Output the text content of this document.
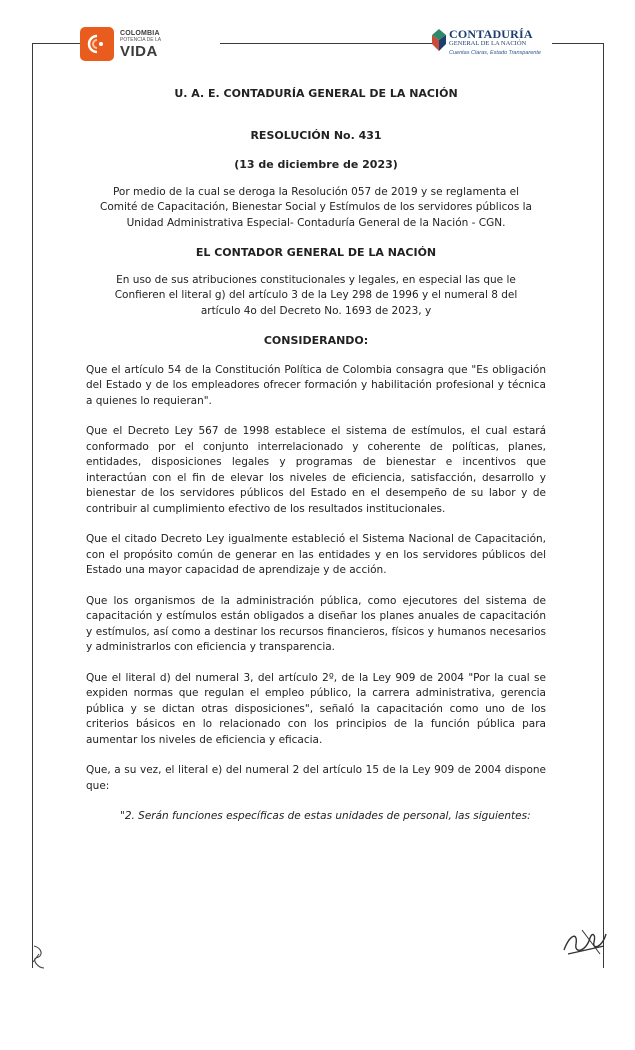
COLOMBIA
POTENCIA DE LA
VIDA
CONTADURÍA
GENERAL DE LA NACIÓN
Cuentas Claras, Estado Transparente

U. A. E. CONTADURÍA GENERAL DE LA NACIÓN

RESOLUCIÓN No. 431

(13 de diciembre de 2023)

Por medio de la cual se deroga la Resolución 057 de 2019 y se reglamenta el Comité de Capacitación, Bienestar Social y Estímulos de los servidores públicos la Unidad Administrativa Especial- Contaduría General de la Nación - CGN.

EL CONTADOR GENERAL DE LA NACIÓN

En uso de sus atribuciones constitucionales y legales, en especial las que le Confieren el literal g) del artículo 3 de la Ley 298 de 1996 y el numeral 8 del artículo 4o del Decreto No. 1693 de 2023, y

CONSIDERANDO:

Que el artículo 54 de la Constitución Política de Colombia consagra que "Es obligación del Estado y de los empleadores ofrecer formación y habilitación profesional y técnica a quienes lo requieran".

Que el Decreto Ley 567 de 1998 establece el sistema de estímulos, el cual estará conformado por el conjunto interrelacionado y coherente de políticas, planes, entidades, disposiciones legales y programas de bienestar e incentivos que interactúan con el fin de elevar los niveles de eficiencia, satisfacción, desarrollo y bienestar de los servidores públicos del Estado en el desempeño de su labor y de contribuir al cumplimiento efectivo de los resultados institucionales.

Que el citado Decreto Ley igualmente estableció el Sistema Nacional de Capacitación, con el propósito común de generar en las entidades y en los servidores públicos del Estado una mayor capacidad de aprendizaje y de acción.

Que los organismos de la administración pública, como ejecutores del sistema de capacitación y estímulos están obligados a diseñar los planes anuales de capacitación y estímulos, así como a destinar los recursos financieros, físicos y humanos necesarios y administrarlos con eficiencia y transparencia.

Que el literal d) del numeral 3, del artículo 2º, de la Ley 909 de 2004 "Por la cual se expiden normas que regulan el empleo público, la carrera administrativa, gerencia pública y se dictan otras disposiciones", señaló la capacitación como uno de los criterios básicos en lo relacionado con los principios de la función pública para aumentar los niveles de eficiencia y eficacia.

Que, a su vez, el literal e) del numeral 2 del artículo 15 de la Ley 909 de 2004 dispone que:

"2. Serán funciones específicas de estas unidades de personal, las siguientes:
